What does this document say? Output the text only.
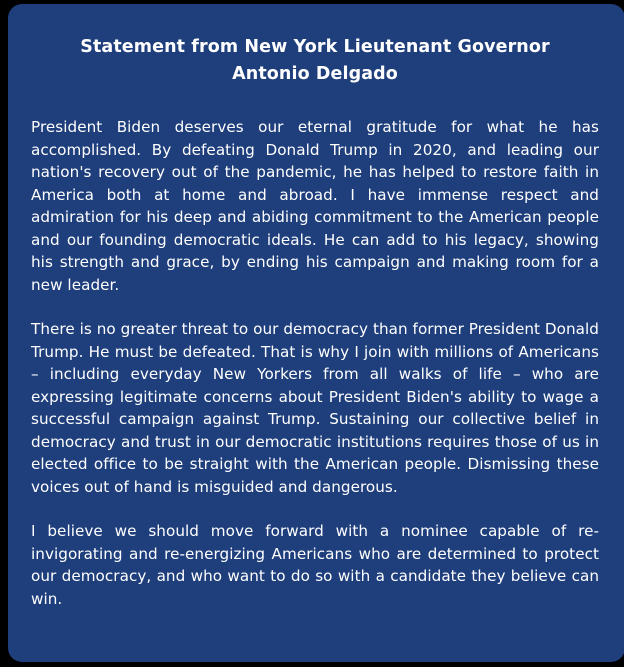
Statement from New York Lieutenant Governor
Antonio Delgado

President Biden deserves our eternal gratitude for what he has accomplished. By defeating Donald Trump in 2020, and leading our nation's recovery out of the pandemic, he has helped to restore faith in America both at home and abroad. I have immense respect and admiration for his deep and abiding commitment to the American people and our founding democratic ideals. He can add to his legacy, showing his strength and grace, by ending his campaign and making room for a new leader.

There is no greater threat to our democracy than former President Donald Trump. He must be defeated. That is why I join with millions of Americans – including everyday New Yorkers from all walks of life – who are expressing legitimate concerns about President Biden's ability to wage a successful campaign against Trump. Sustaining our collective belief in democracy and trust in our democratic institutions requires those of us in elected office to be straight with the American people. Dismissing these voices out of hand is misguided and dangerous.

I believe we should move forward with a nominee capable of re-invigorating and re-energizing Americans who are determined to protect our democracy, and who want to do so with a candidate they believe can win.
